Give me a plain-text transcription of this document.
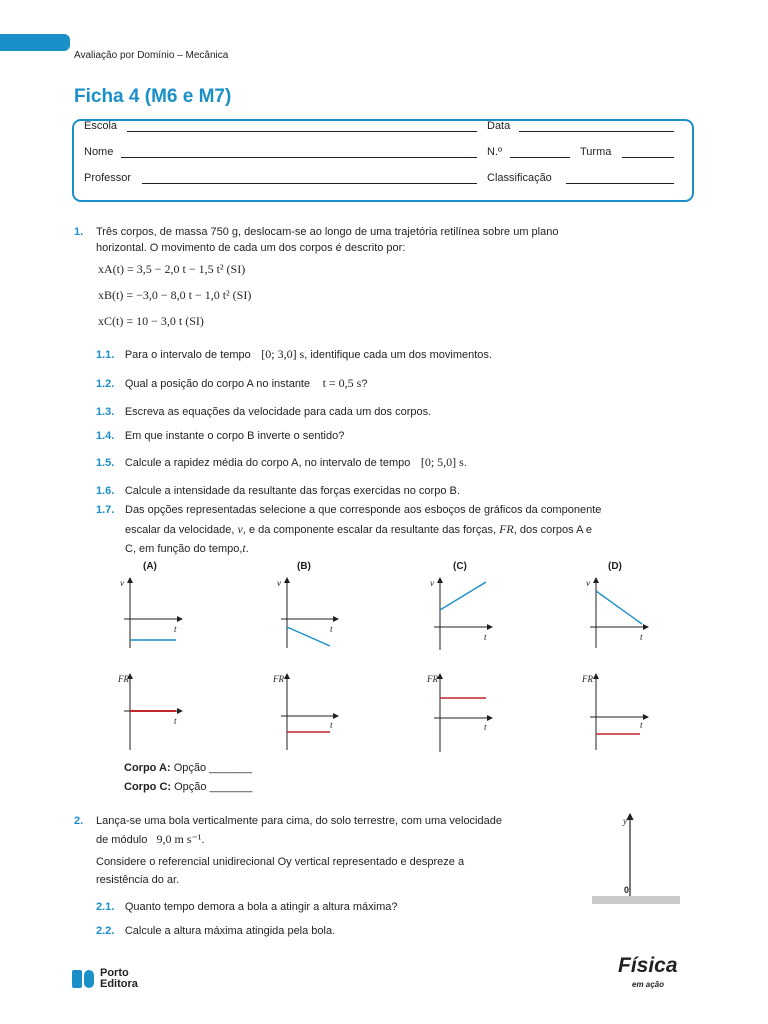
Avaliação por Domínio – Mecânica
Ficha 4 (M6 e M7)
Escola	Data
Nome	N.º	Turma
Professor	Classificação
1. Três corpos, de massa 750 g, deslocam-se ao longo de uma trajetória retilínea sobre um plano
horizontal. O movimento de cada um dos corpos é descrito por:
xA(t) = 3,5 − 2,0 t − 1,5 t² (SI)
xB(t) = −3,0 − 8,0 t − 1,0 t² (SI)
xC(t) = 10 − 3,0 t (SI)
1.1. Para o intervalo de tempo [0; 3,0] s, identifique cada um dos movimentos.
1.2. Qual a posição do corpo A no instante t = 0,5 s?
1.3. Escreva as equações da velocidade para cada um dos corpos.
1.4. Em que instante o corpo B inverte o sentido?
1.5. Calcule a rapidez média do corpo A, no intervalo de tempo [0; 5,0] s.
1.6. Calcule a intensidade da resultante das forças exercidas no corpo B.
1.7. Das opções representadas selecione a que corresponde aos esboços de gráficos da componente
escalar da velocidade, v, e da componente escalar da resultante das forças, FR, dos corpos A e
C, em função do tempo,t.
(A)	(B)	(C)	(D)
v
t
FR
t
v
t
FR
t
v
t
FR
t
v
t
FR
t
Corpo A: Opção _______
Corpo C: Opção _______
2. Lança-se uma bola verticalmente para cima, do solo terrestre, com uma velocidade
de módulo 9,0 m s⁻¹.
Considere o referencial unidirecional Oy vertical representado e despreze a
resistência do ar.
2.1. Quanto tempo demora a bola a atingir a altura máxima?
2.2. Calcule a altura máxima atingida pela bola.
y
0
Porto
Editora
Física
em ação
